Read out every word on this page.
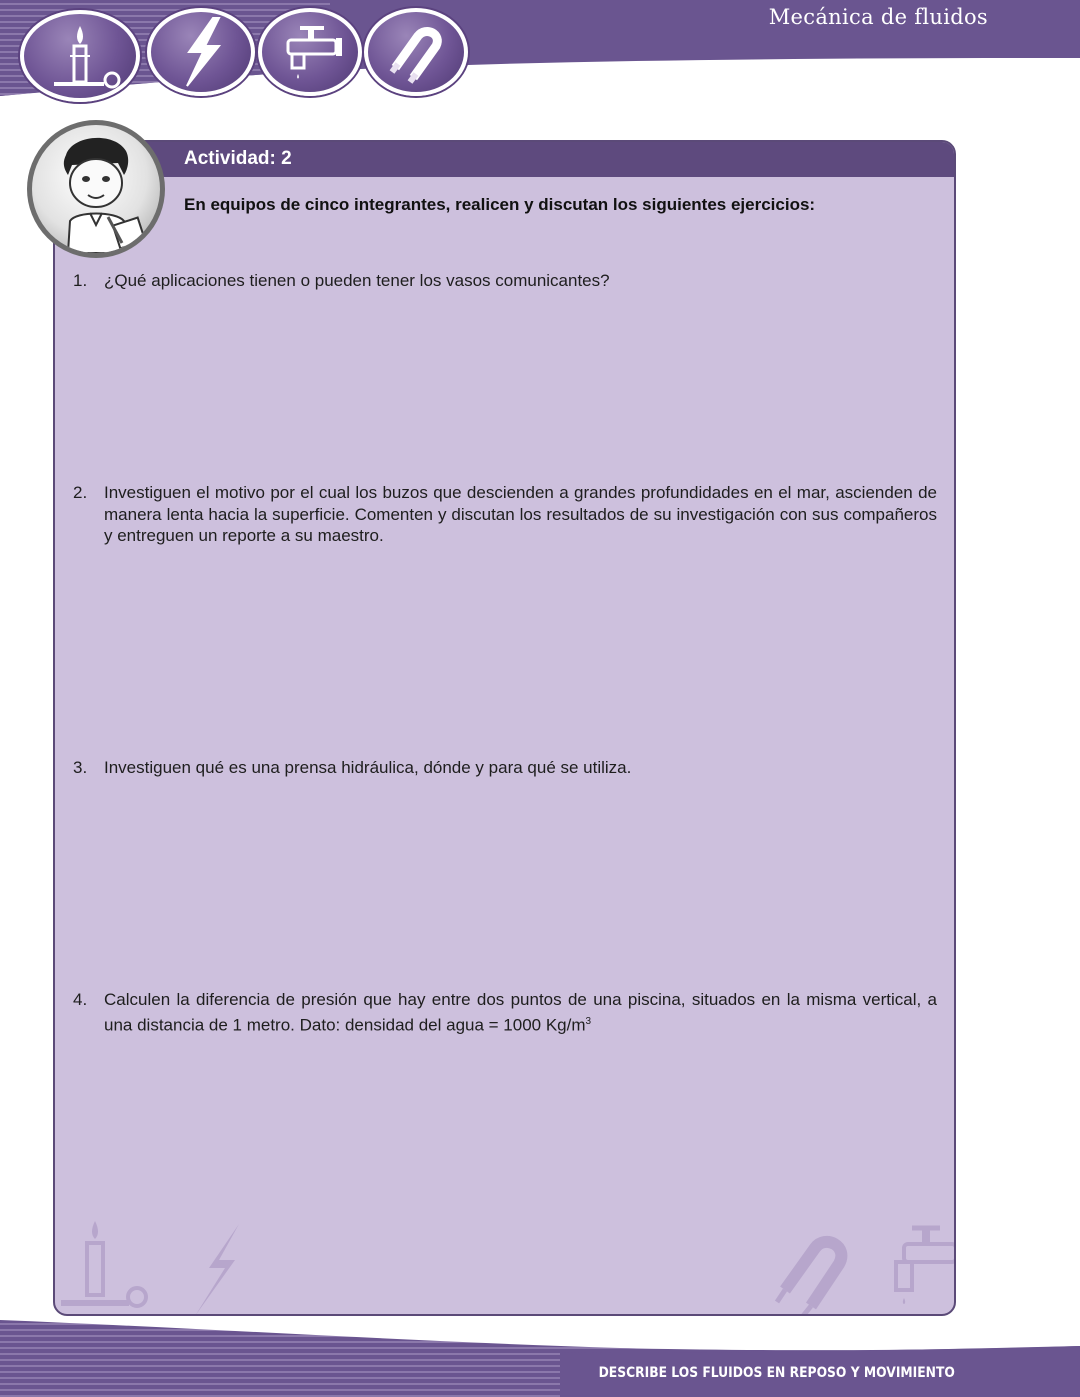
Mecánica de fluidos
Actividad: 2
En equipos de cinco integrantes, realicen y discutan los siguientes ejercicios:
1. ¿Qué aplicaciones tienen o pueden tener los vasos comunicantes?
2. Investiguen el motivo por el cual los buzos que descienden a grandes profundidades en el mar, ascienden de manera lenta hacia la superficie. Comenten y discutan los resultados de su investigación con sus compañeros y entreguen un reporte a su maestro.
3. Investiguen qué es una prensa hidráulica, dónde y para qué se utiliza.
4. Calculen la diferencia de presión que hay entre dos puntos de una piscina, situados en la misma vertical, a una distancia de 1 metro. Dato: densidad del agua = 1000 $Kg/m^3$
DESCRIBE LOS FLUIDOS EN REPOSO Y MOVIMIENTO
